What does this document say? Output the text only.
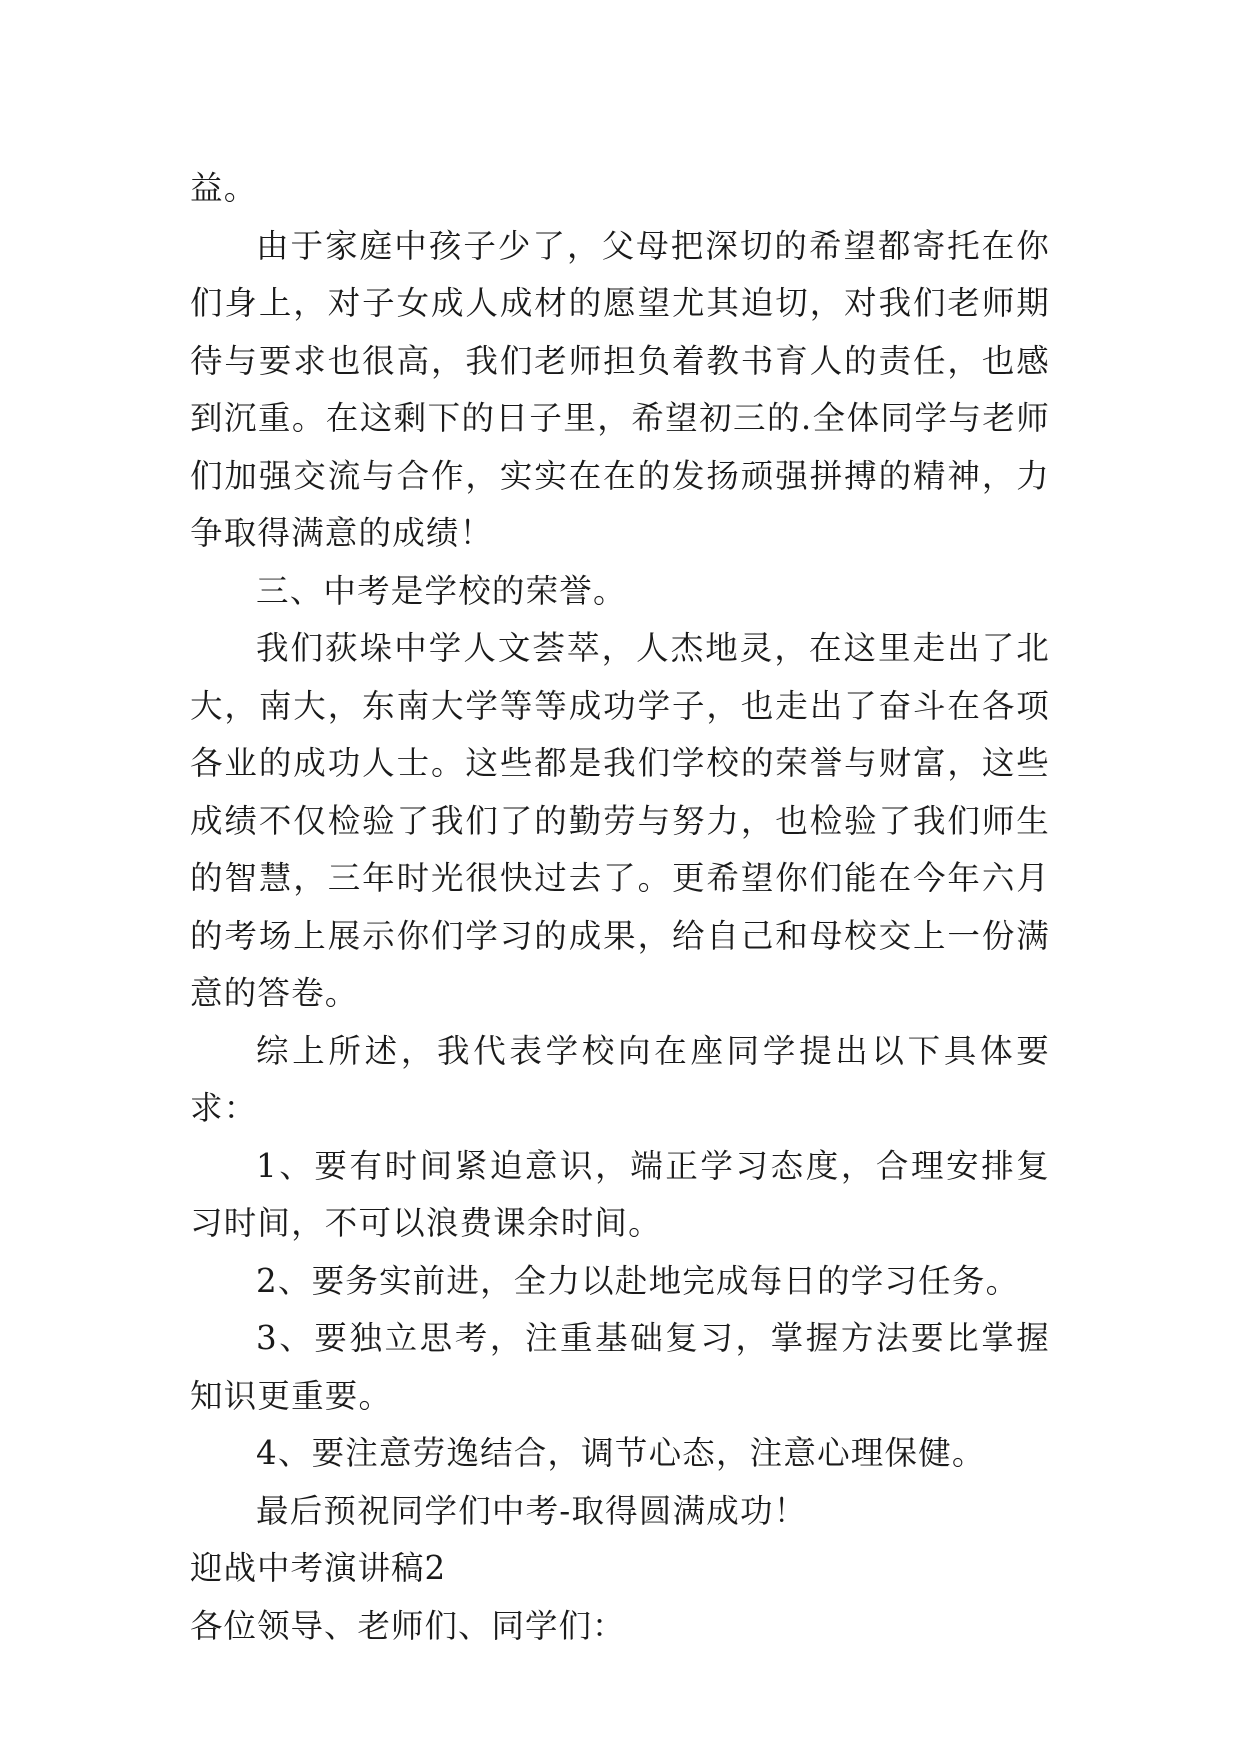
益。

由于家庭中孩子少了，父母把深切的希望都寄托在你们身上，对子女成人成材的愿望尤其迫切，对我们老师期待与要求也很高，我们老师担负着教书育人的责任，也感到沉重。在这剩下的日子里，希望初三的.全体同学与老师们加强交流与合作，实实在在的发扬顽强拼搏的精神，力争取得满意的成绩！

三、中考是学校的荣誉。

我们荻垛中学人文荟萃，人杰地灵，在这里走出了北大，南大，东南大学等等成功学子，也走出了奋斗在各项各业的成功人士。这些都是我们学校的荣誉与财富，这些成绩不仅检验了我们了的勤劳与努力，也检验了我们师生的智慧，三年时光很快过去了。更希望你们能在今年六月的考场上展示你们学习的成果，给自己和母校交上一份满意的答卷。

综上所述，我代表学校向在座同学提出以下具体要求：

1、要有时间紧迫意识，端正学习态度，合理安排复习时间，不可以浪费课余时间。

2、要务实前进，全力以赴地完成每日的学习任务。

3、要独立思考，注重基础复习，掌握方法要比掌握知识更重要。

4、要注意劳逸结合，调节心态，注意心理保健。

最后预祝同学们中考-取得圆满成功！

迎战中考演讲稿2

各位领导、老师们、同学们：
